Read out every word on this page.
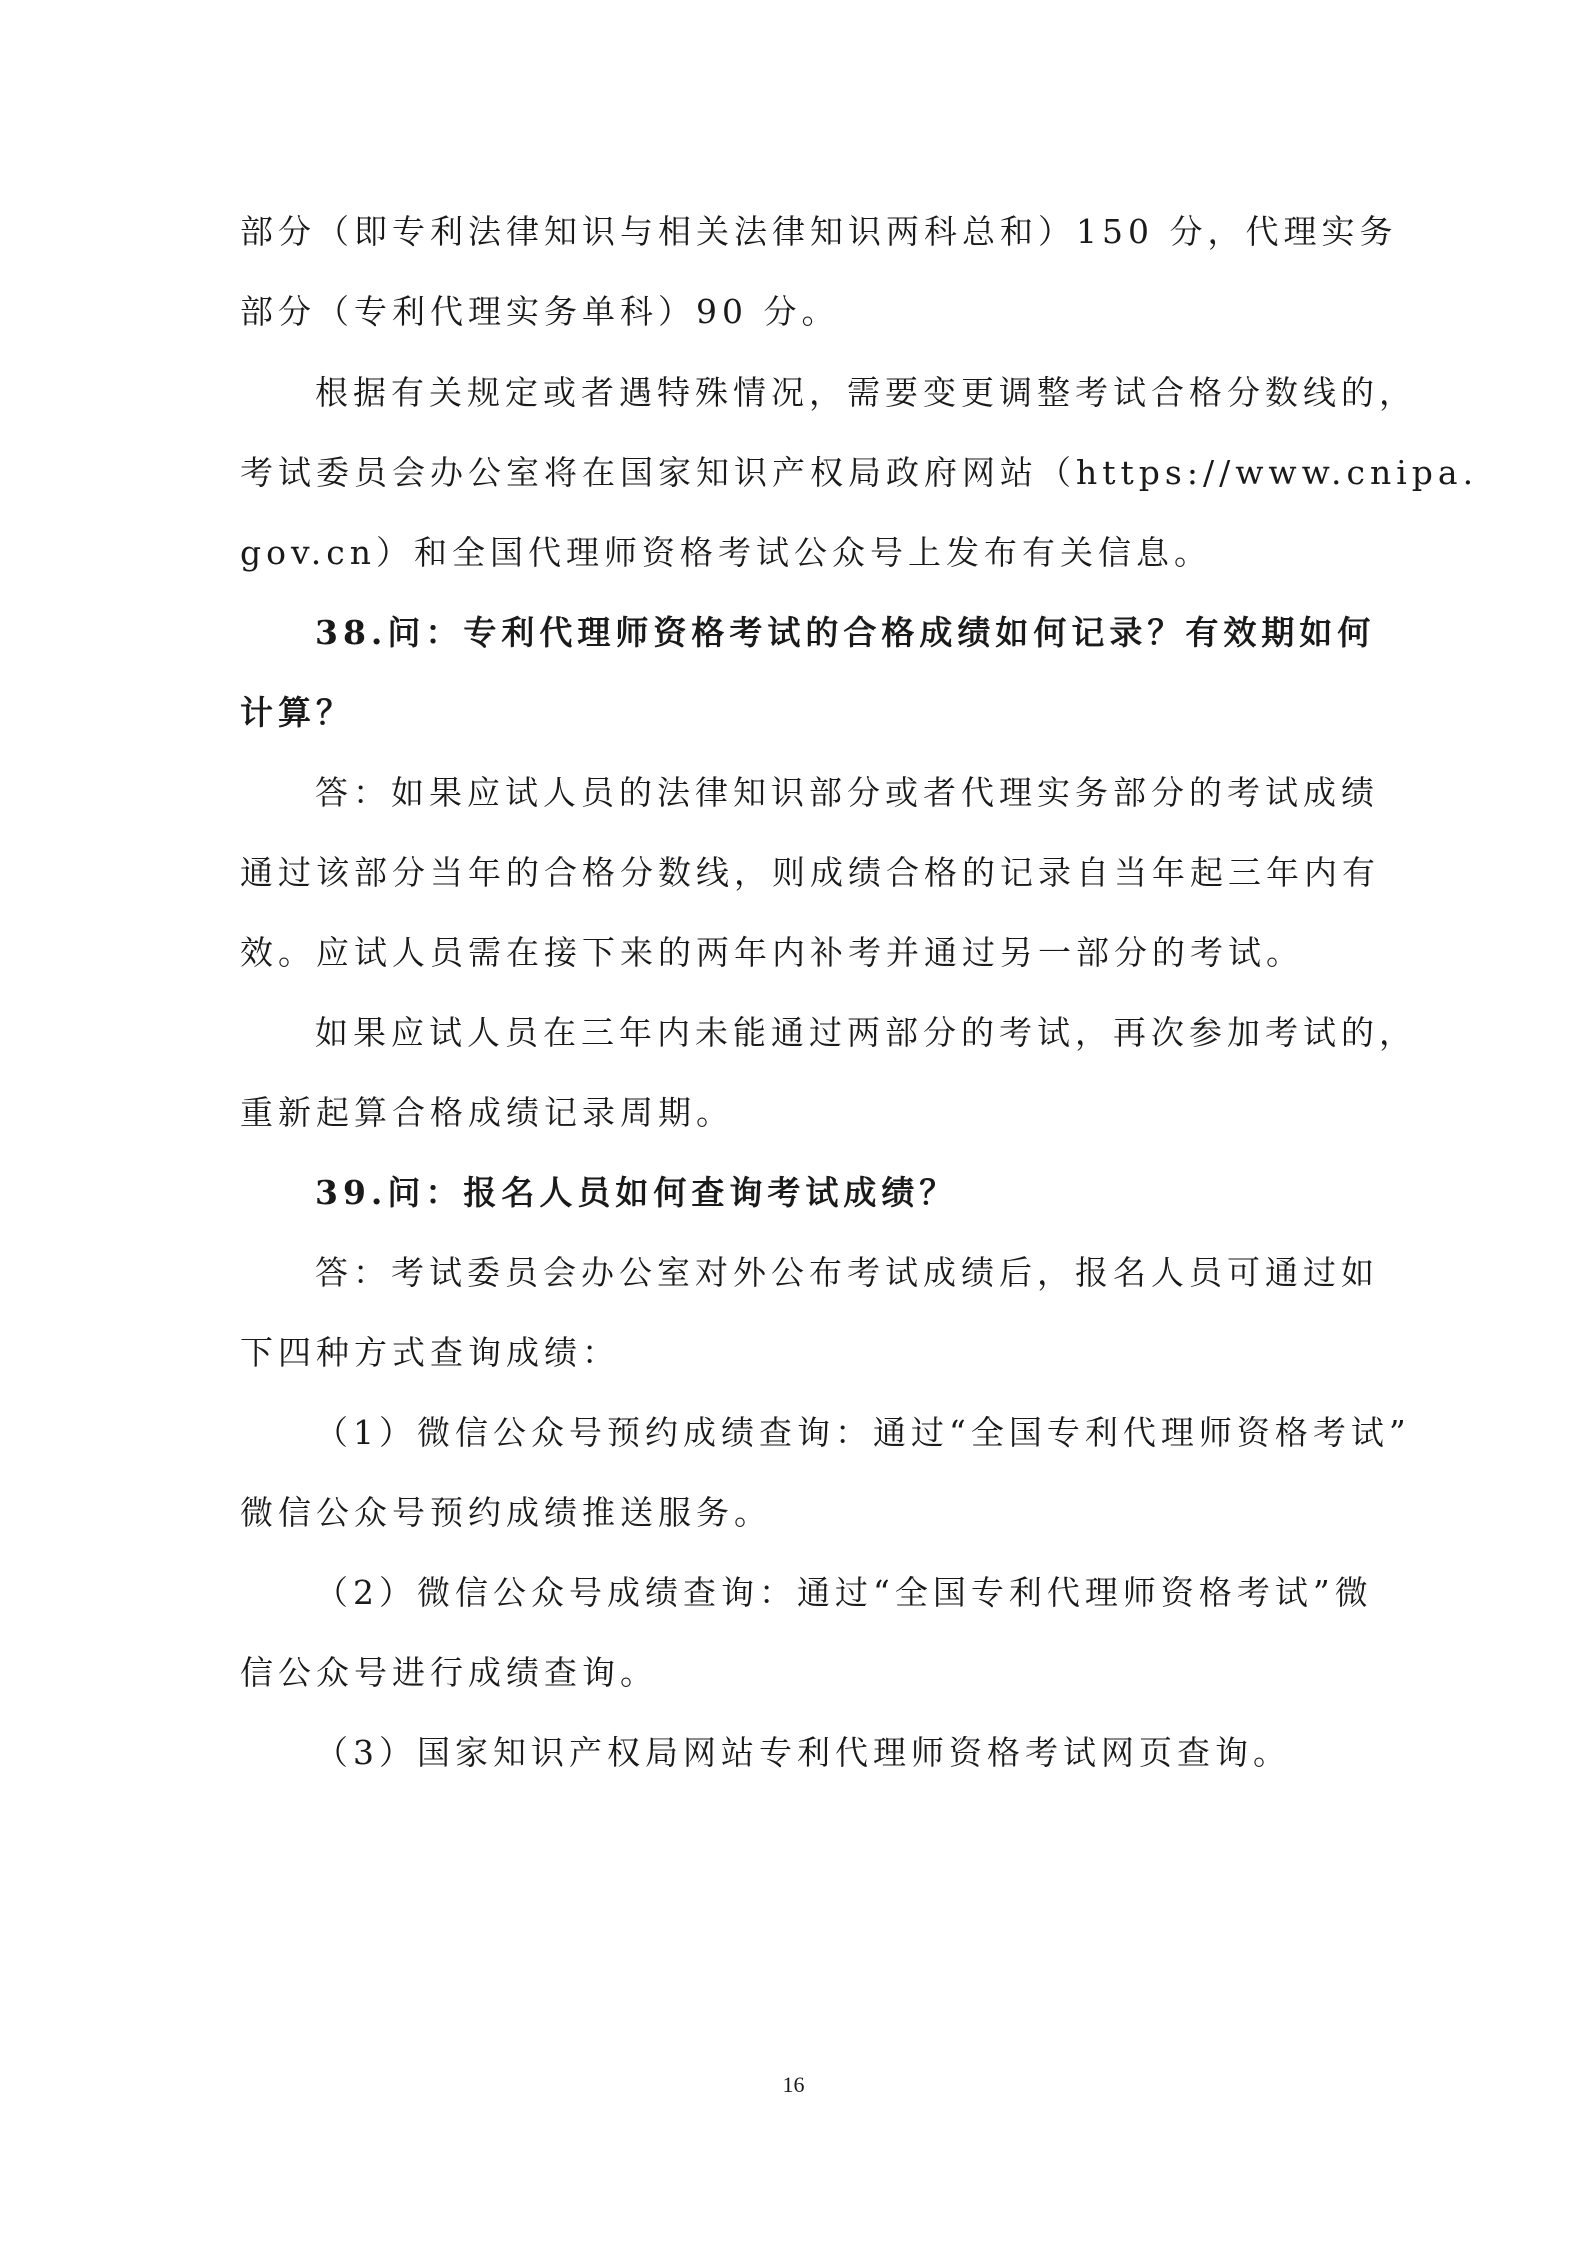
部分（即专利法律知识与相关法律知识两科总和）150 分，代理实务
部分（专利代理实务单科）90 分。
根据有关规定或者遇特殊情况，需要变更调整考试合格分数线的，
考试委员会办公室将在国家知识产权局政府网站（https://www.cnipa.
gov.cn）和全国代理师资格考试公众号上发布有关信息。
38.问：专利代理师资格考试的合格成绩如何记录？有效期如何
计算？
答：如果应试人员的法律知识部分或者代理实务部分的考试成绩
通过该部分当年的合格分数线，则成绩合格的记录自当年起三年内有
效。应试人员需在接下来的两年内补考并通过另一部分的考试。
如果应试人员在三年内未能通过两部分的考试，再次参加考试的，
重新起算合格成绩记录周期。
39.问：报名人员如何查询考试成绩？
答：考试委员会办公室对外公布考试成绩后，报名人员可通过如
下四种方式查询成绩：
（1）微信公众号预约成绩查询：通过“全国专利代理师资格考试”
微信公众号预约成绩推送服务。
（2）微信公众号成绩查询：通过“全国专利代理师资格考试”微
信公众号进行成绩查询。
（3）国家知识产权局网站专利代理师资格考试网页查询。
16
